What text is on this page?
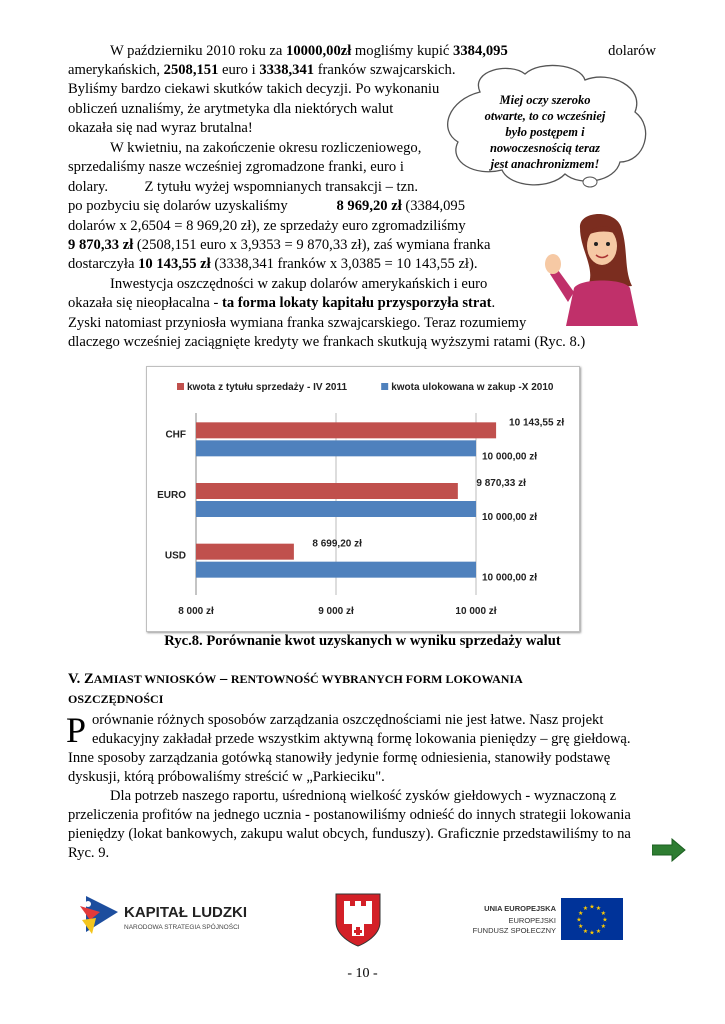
W październiku 2010 roku za 10000,00zł mogliśmy kupić 3384,095	dolarów
amerykańskich, 2508,151 euro i 3338,341 franków szwajcarskich.
Byliśmy bardzo ciekawi skutków takich decyzji. Po wykonaniu
obliczeń uznaliśmy, że arytmetyka dla niektórych walut
okazała się nad wyraz brutalna!
W kwietniu, na zakończenie okresu rozliczeniowego,
sprzedaliśmy nasze wcześniej zgromadzone franki, euro i
dolary.          Z tytułu wyżej wspomnianych transakcji – tzn.
po pozbyciu się dolarów uzyskaliśmy	8 969,20 zł (3384,095
dolarów x 2,6504 = 8 969,20 zł), ze sprzedaży euro zgromadziliśmy
9 870,33 zł (2508,151 euro x 3,9353 = 9 870,33 zł), zaś wymiana franka
dostarczyła 10 143,55 zł (3338,341 franków x 3,0385 = 10 143,55 zł).
Inwestycja oszczędności w zakup dolarów amerykańskich i euro
okazała się nieopłacalna - ta forma lokaty kapitału przysporzyła strat.
Zyski natomiast przyniosła wymiana franka szwajcarskiego. Teraz rozumiemy
dlaczego wcześniej zaciągnięte kredyty we frankach skutkują wyższymi ratami (Ryc. 8.)
Miej oczy szeroko
otwarte, to co wcześniej
było postępem i
nowoczesnością teraz
jest anachronizmem!
kwota z tytułu sprzedaży - IV 2011	kwota ulokowana w zakup -X 2010
8 000 zł	9 000 zł	10 000 zł
CHF
10 143,55 zł
10 000,00 zł
EURO
9 870,33 zł
10 000,00 zł
USD
8 699,20 zł
10 000,00 zł
Ryc.8. Porównanie kwot uzyskanych w wyniku sprzedaży walut
V. ZAMIAST WNIOSKÓW – RENTOWNOŚĆ WYBRANYCH FORM LOKOWANIA
OSZCZĘDNOŚCI
P orównanie różnych sposobów zarządzania oszczędnościami nie jest łatwe. Nasz projekt
edukacyjny zakładał przede wszystkim aktywną formę lokowania pieniędzy – grę giełdową.
Inne sposoby zarządzania gotówką stanowiły jedynie formę odniesienia, stanowiły podstawę
dyskusji, którą próbowaliśmy streścić w „Parkieciku".
Dla potrzeb naszego raportu, uśrednioną wielkość zysków giełdowych - wyznaczoną z
przeliczenia profitów na jednego ucznia - postanowiliśmy odnieść do innych strategii lokowania
pieniędzy (lokat bankowych, zakupu walut obcych, funduszy). Graficznie przedstawiliśmy to na
Ryc. 9.
KAPITAŁ LUDZKI
NARODOWA STRATEGIA SPÓJNOŚCI
UNIA EUROPEJSKA
EUROPEJSKI
FUNDUSZ SPOŁECZNY
★
★
★
★
★
★
★
★
★ ★ ★
★
- 10 -
